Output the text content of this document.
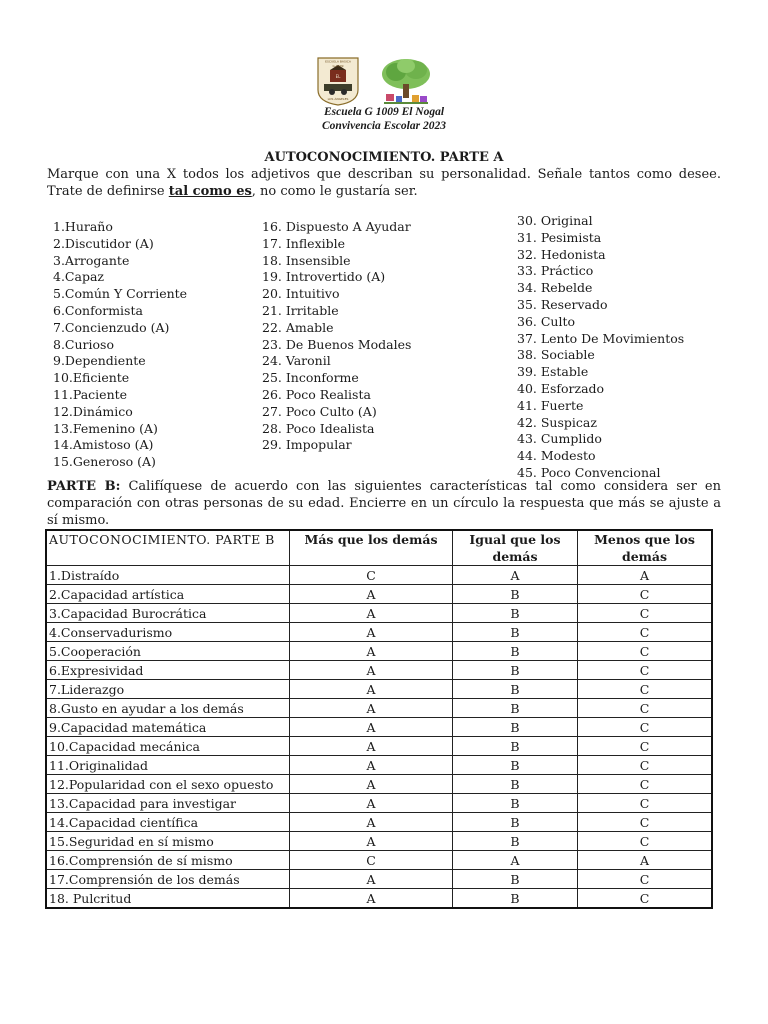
ESCUELA BÁSICA
G-1009
EL
LOS ÁNGELES
Escuela G 1009 El Nogal
Convivencia Escolar 2023
AUTOCONOCIMIENTO. PARTE A
Marque con una X todos los adjetivos que describan su personalidad. Señale tantos como desee. Trate de definirse tal como es, no como le gustaría ser.
1.Huraño
2.Discutidor (A)
3.Arrogante
4.Capaz
5.Común Y Corriente
6.Conformista
7.Concienzudo (A)
8.Curioso
9.Dependiente
10.Eficiente
11.Paciente
12.Dinámico
13.Femenino (A)
14.Amistoso (A)
15.Generoso (A)
16. Dispuesto A Ayudar
17. Inflexible
18. Insensible
19. Introvertido (A)
20. Intuitivo
21. Irritable
22. Amable
23. De Buenos Modales
24. Varonil
25. Inconforme
26. Poco Realista
27. Poco Culto (A)
28. Poco Idealista
29. Impopular
30. Original
31. Pesimista
32. Hedonista
33. Práctico
34. Rebelde
35. Reservado
36. Culto
37. Lento De Movimientos
38. Sociable
39. Estable
40. Esforzado
41. Fuerte
42. Suspicaz
43. Cumplido
44. Modesto
45. Poco Convencional
PARTE B: Califíquese de acuerdo con las siguientes características tal como considera ser en comparación con otras personas de su edad. Encierre en un círculo la respuesta que más se ajuste a sí mismo.
AUTOCONOCIMIENTO. PARTE B	Más que los demás	Igual que los demás	Menos que los demás
1.Distraído	C	A	A
2.Capacidad artística	A	B	C
3.Capacidad Burocrática	A	B	C
4.Conservadurismo	A	B	C
5.Cooperación	A	B	C
6.Expresividad	A	B	C
7.Liderazgo	A	B	C
8.Gusto en ayudar a los demás	A	B	C
9.Capacidad matemática	A	B	C
10.Capacidad mecánica	A	B	C
11.Originalidad	A	B	C
12.Popularidad con el sexo opuesto	A	B	C
13.Capacidad para investigar	A	B	C
14.Capacidad científica	A	B	C
15.Seguridad en sí mismo	A	B	C
16.Comprensión de sí mismo	C	A	A
17.Comprensión de los demás	A	B	C
18. Pulcritud	A	B	C
